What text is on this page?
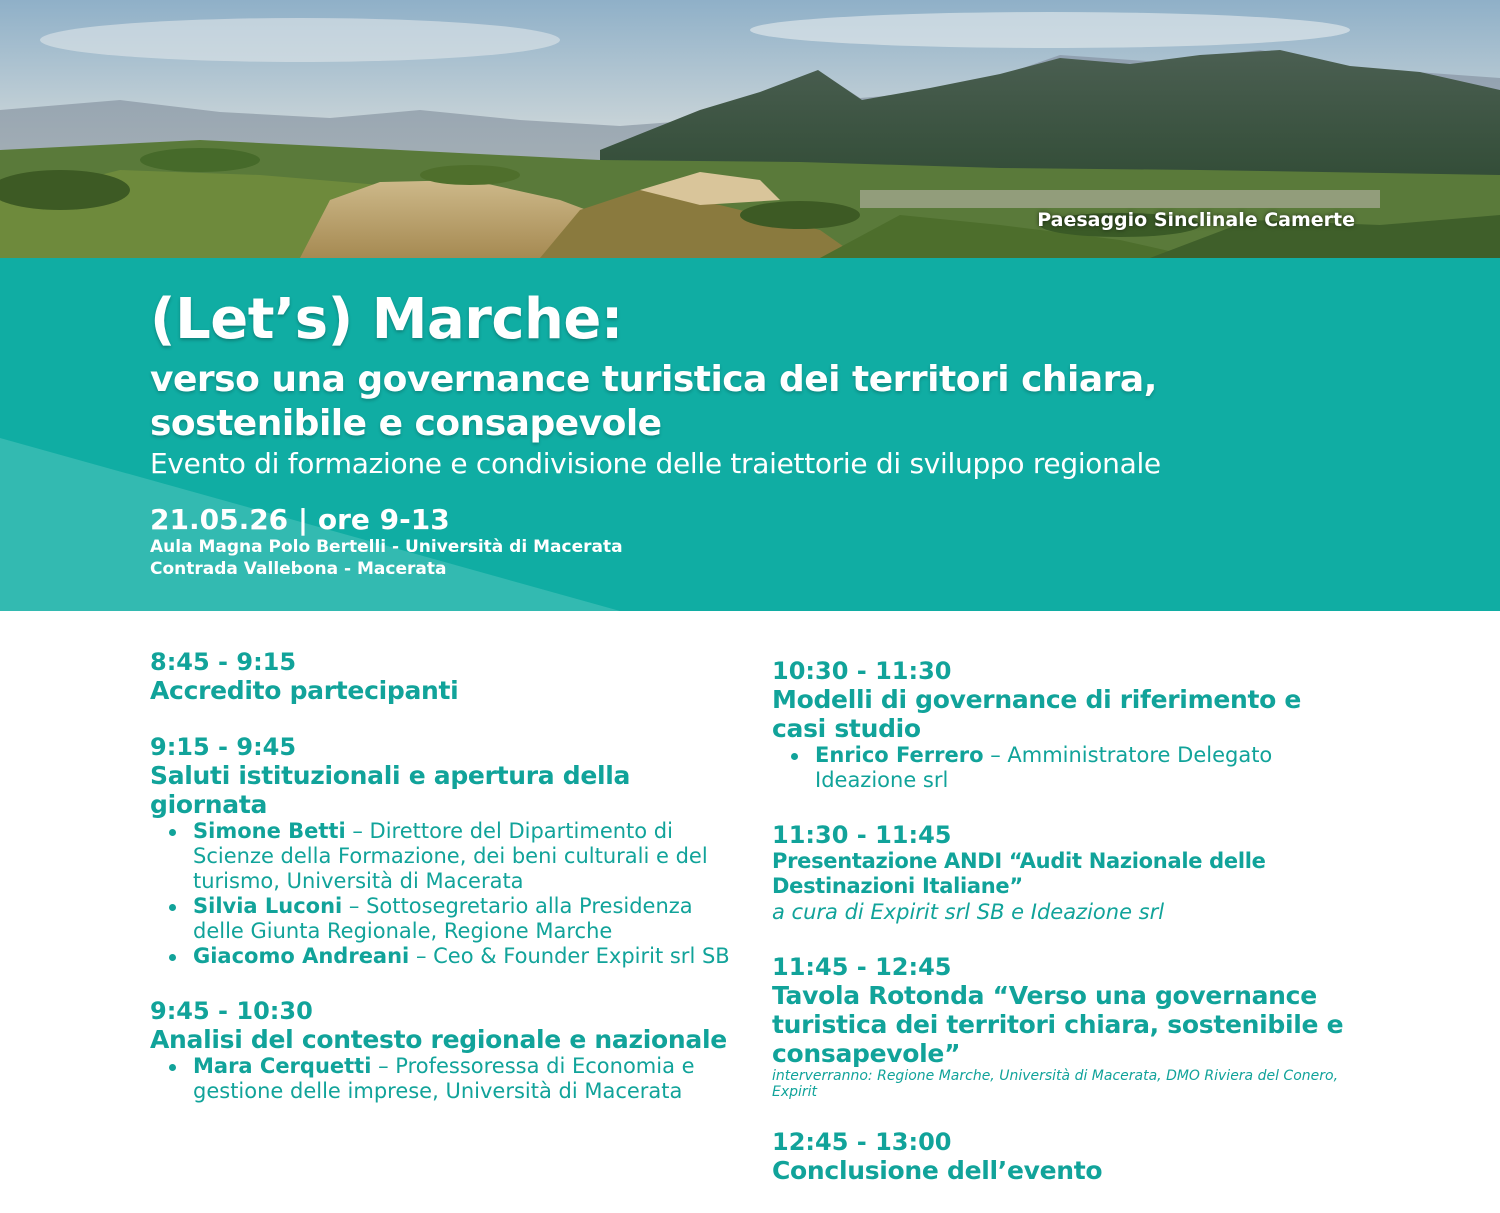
Paesaggio Sinclinale Camerte
(Let’s) Marche:
verso una governance turistica dei territori chiara,
sostenibile e consapevole
Evento di formazione e condivisione delle traiettorie di sviluppo regionale
21.05.26 | ore 9-13
Aula Magna Polo Bertelli - Università di Macerata
Contrada Vallebona - Macerata
8:45 - 9:15
Accredito partecipanti
9:15 - 9:45
Saluti istituzionali e apertura della giornata
Simone Betti – Direttore del Dipartimento di Scienze della Formazione, dei beni culturali e del turismo, Università di Macerata
Silvia Luconi – Sottosegretario alla Presidenza delle Giunta Regionale, Regione Marche
Giacomo Andreani – Ceo & Founder Expirit srl SB
9:45 - 10:30
Analisi del contesto regionale e nazionale
Mara Cerquetti – Professoressa di Economia e gestione delle imprese, Università di Macerata
10:30 - 11:30
Modelli di governance di riferimento e casi studio
Enrico Ferrero – Amministratore Delegato Ideazione srl
11:30 - 11:45
Presentazione ANDI “Audit Nazionale delle Destinazioni Italiane”
a cura di Expirit srl SB e Ideazione srl
11:45 - 12:45
Tavola Rotonda “Verso una governance turistica dei territori chiara, sostenibile e consapevole”
interverranno: Regione Marche, Università di Macerata, DMO Riviera del Conero, Expirit
12:45 - 13:00
Conclusione dell’evento
